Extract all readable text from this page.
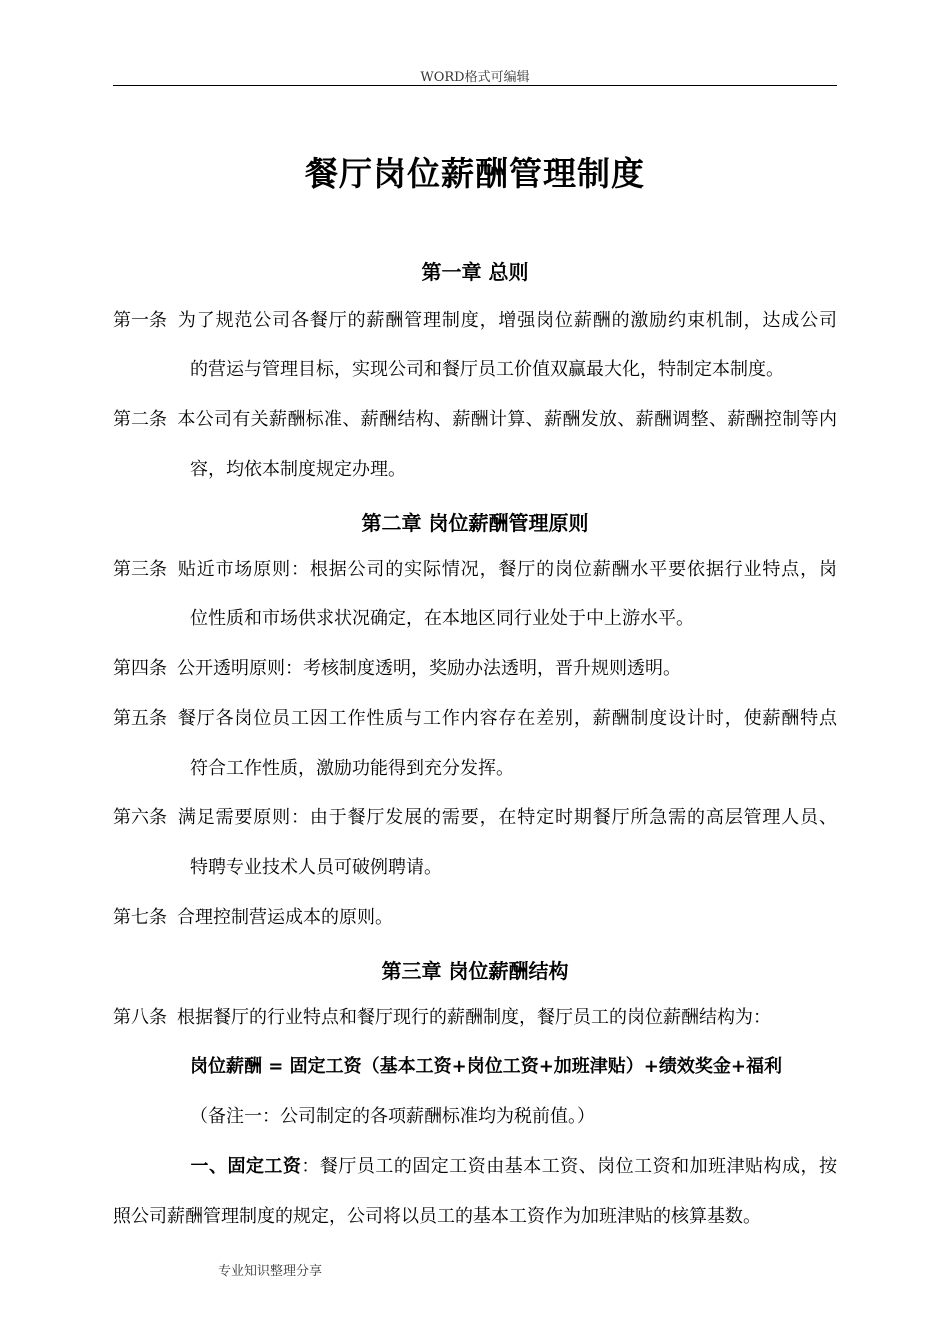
WORD格式可编辑
餐厅岗位薪酬管理制度
第一章 总则
第一条 为了规范公司各餐厅的薪酬管理制度，增强岗位薪酬的激励约束机制，达成公司
的营运与管理目标，实现公司和餐厅员工价值双赢最大化，特制定本制度。
第二条 本公司有关薪酬标准、薪酬结构、薪酬计算、薪酬发放、薪酬调整、薪酬控制等内
容，均依本制度规定办理。
第二章 岗位薪酬管理原则
第三条 贴近市场原则：根据公司的实际情况，餐厅的岗位薪酬水平要依据行业特点，岗
位性质和市场供求状况确定，在本地区同行业处于中上游水平。
第四条 公开透明原则：考核制度透明，奖励办法透明，晋升规则透明。
第五条 餐厅各岗位员工因工作性质与工作内容存在差别，薪酬制度设计时，使薪酬特点
符合工作性质，激励功能得到充分发挥。
第六条 满足需要原则：由于餐厅发展的需要，在特定时期餐厅所急需的高层管理人员、
特聘专业技术人员可破例聘请。
第七条 合理控制营运成本的原则。
第三章 岗位薪酬结构
第八条 根据餐厅的行业特点和餐厅现行的薪酬制度，餐厅员工的岗位薪酬结构为：
岗位薪酬 = 固定工资（基本工资+岗位工资+加班津贴）+绩效奖金+福利
（备注一：公司制定的各项薪酬标准均为税前值。）
一、固定工资：餐厅员工的固定工资由基本工资、岗位工资和加班津贴构成，按
照公司薪酬管理制度的规定，公司将以员工的基本工资作为加班津贴的核算基数。
专业知识整理分享
